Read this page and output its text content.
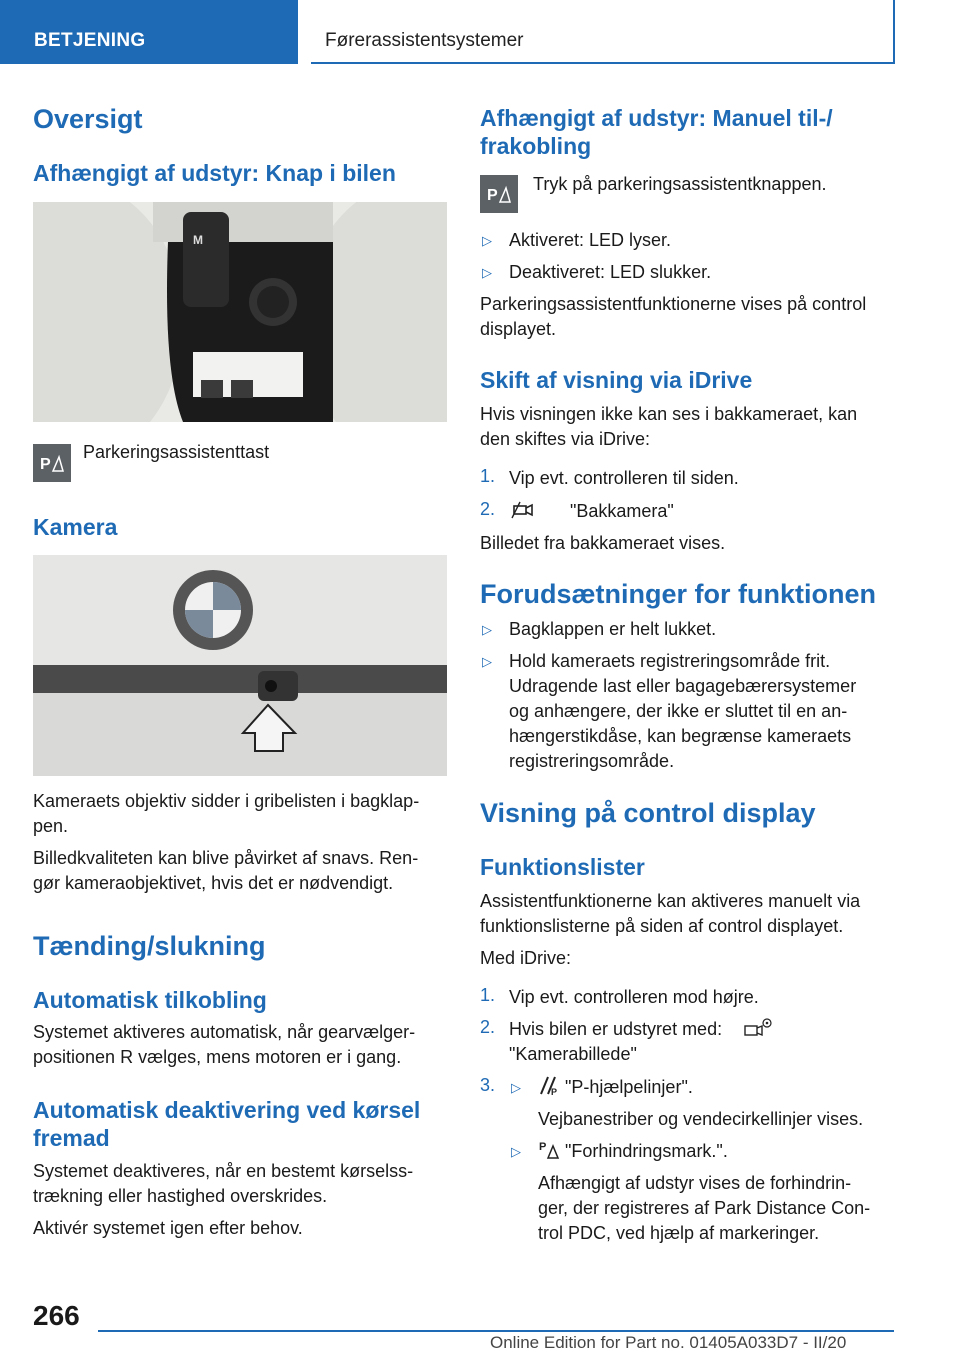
BETJENING	Førerassistentsystemer
Oversigt
Afhængigt af udstyr: Knap i bilen
M
P
Parkeringsassistenttast
Kamera
Kameraets objektiv sidder i gribelisten i bagklap-
pen.
Billedkvaliteten kan blive påvirket af snavs. Ren-
gør kameraobjektivet, hvis det er nødvendigt.
Tænding/slukning
Automatisk tilkobling
Systemet aktiveres automatisk, når gearvælger-
positionen R vælges, mens motoren er i gang.
Automatisk deaktivering ved kørsel
fremad
Systemet deaktiveres, når en bestemt kørselss-
trækning eller hastighed overskrides.
Aktivér systemet igen efter behov.
Afhængigt af udstyr: Manuel til-/
frakobling
P
Tryk på parkeringsassistentknappen.
▷ Aktiveret: LED lyser.
▷ Deaktiveret: LED slukker.
Parkeringsassistentfunktionerne vises på control
displayet.
Skift af visning via iDrive
Hvis visningen ikke kan ses i bakkameraet, kan
den skiftes via iDrive:
1. Vip evt. controlleren til siden.
2.	"Bakkamera"
Billedet fra bakkameraet vises.
Forudsætninger for funktionen
▷ Bagklappen er helt lukket.
▷ Hold kameraets registreringsområde frit.
Udragende last eller bagagebærersystemer
og anhængere, der ikke er sluttet til en an-
hængerstikdåse, kan begrænse kameraets
registreringsområde.
Visning på control display
Funktionslister
Assistentfunktionerne kan aktiveres manuelt via
funktionslisterne på siden af control displayet.
Med iDrive:
1. Vip evt. controlleren mod højre.
2. Hvis bilen er udstyret med:
"Kamerabillede"
3. ▷	P "P-hjælpelinjer".
Vejbanestriber og vendecirkellinjer vises.
▷ P "Forhindringsmark.".
Afhængigt af udstyr vises de forhindrin-
ger, der registreres af Park Distance Con-
trol PDC, ved hjælp af markeringer.
266
Online Edition for Part no. 01405A033D7 - II/20
